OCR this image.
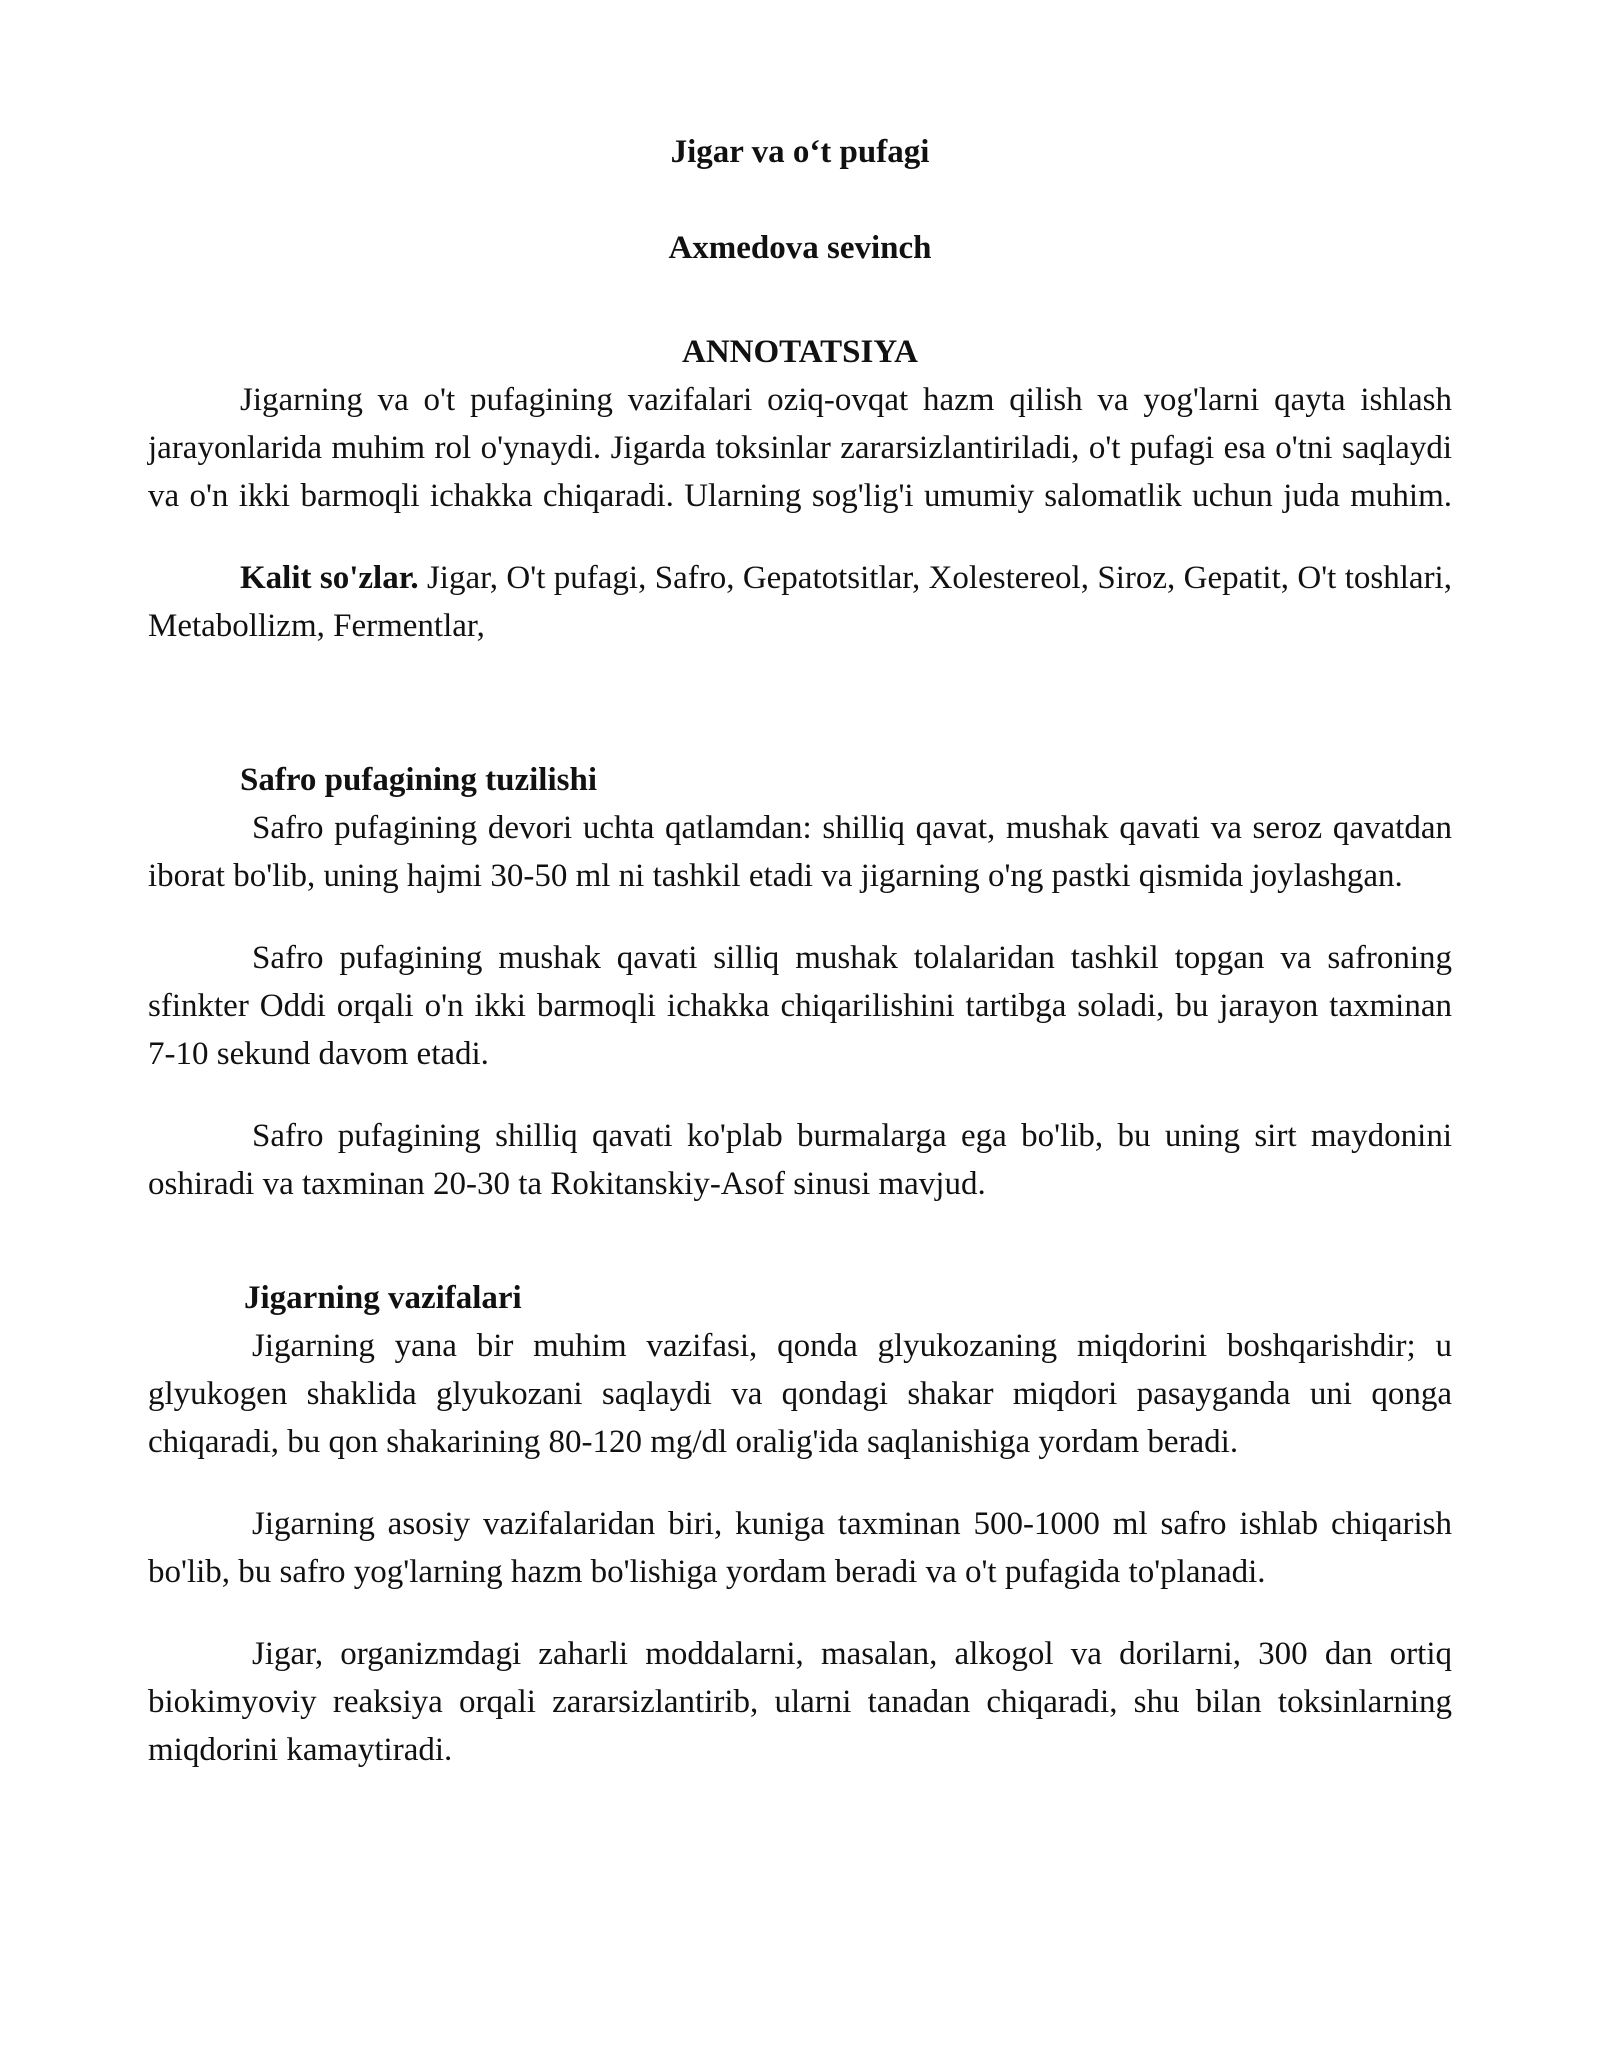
Jigar va o‘t pufagi
Axmedova sevinch
ANNOTATSIYA

Jigarning va o't pufagining vazifalari oziq-ovqat hazm qilish va yog'larni qayta ishlash jarayonlarida muhim rol o'ynaydi. Jigarda toksinlar zararsizlantiriladi, o't pufagi esa o'tni saqlaydi va o'n ikki barmoqli ichakka chiqaradi. Ularning sog'lig'i umumiy salomatlik uchun juda muhim.

Kalit so'zlar. Jigar, O't pufagi, Safro, Gepatotsitlar, Xolestereol, Siroz, Gepatit, O't toshlari, Metabollizm, Fermentlar,

Safro pufagining tuzilishi

Safro pufagining devori uchta qatlamdan: shilliq qavat, mushak qavati va seroz qavatdan iborat bo'lib, uning hajmi 30-50 ml ni tashkil etadi va jigarning o'ng pastki qismida joylashgan.

Safro pufagining mushak qavati silliq mushak tolalaridan tashkil topgan va safroning sfinkter Oddi orqali o'n ikki barmoqli ichakka chiqarilishini tartibga soladi, bu jarayon taxminan 7-10 sekund davom etadi.

Safro pufagining shilliq qavati ko'plab burmalarga ega bo'lib, bu uning sirt maydonini oshiradi va taxminan 20-30 ta Rokitanskiy-Asof sinusi mavjud.

Jigarning vazifalari

Jigarning yana bir muhim vazifasi, qonda glyukozaning miqdorini boshqarishdir; u glyukogen shaklida glyukozani saqlaydi va qondagi shakar miqdori pasayganda uni qonga chiqaradi, bu qon shakarining 80-120 mg/dl oralig'ida saqlanishiga yordam beradi.

Jigarning asosiy vazifalaridan biri, kuniga taxminan 500-1000 ml safro ishlab chiqarish bo'lib, bu safro yog'larning hazm bo'lishiga yordam beradi va o't pufagida to'planadi.

Jigar, organizmdagi zaharli moddalarni, masalan, alkogol va dorilarni, 300 dan ortiq biokimyoviy reaksiya orqali zararsizlantirib, ularni tanadan chiqaradi, shu bilan toksinlarning miqdorini kamaytiradi.
